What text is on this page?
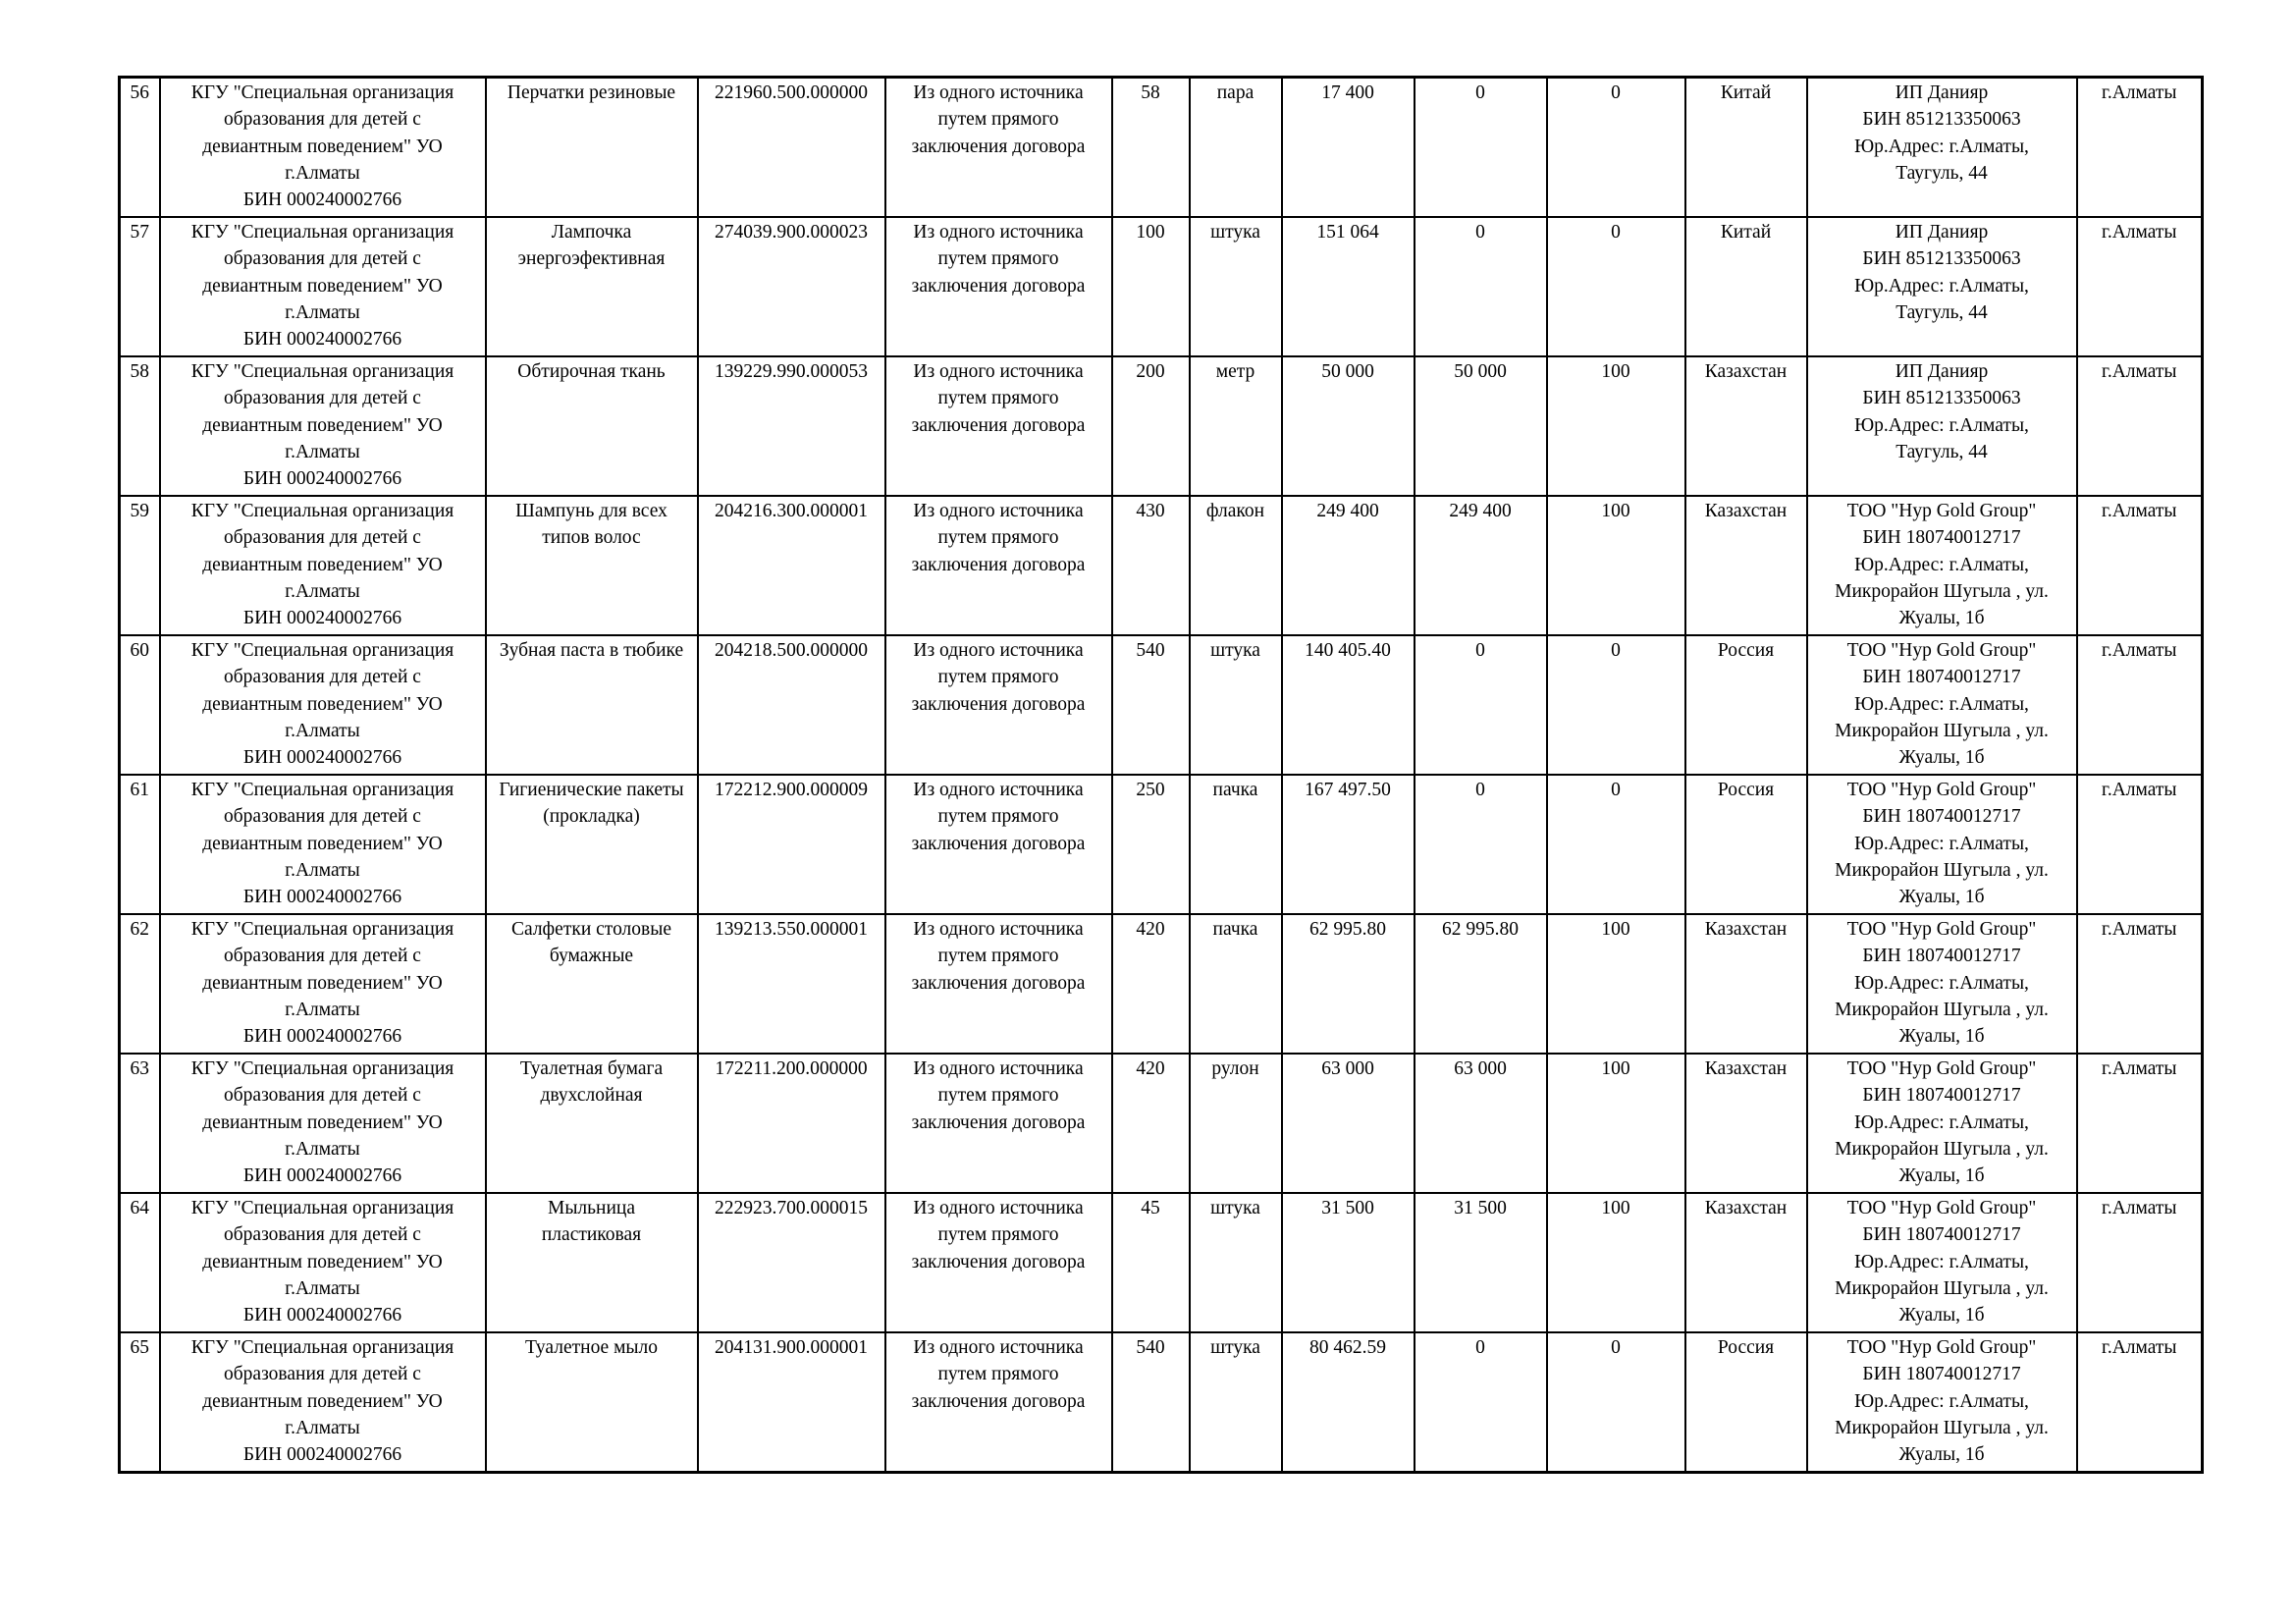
56	КГУ "Специальная организация
образования для детей с
девиантным поведением" УО
г.Алматы
БИН 000240002766	Перчатки резиновые	221960.500.000000	Из одного источника
путем прямого
заключения договора	58	пара	17 400	0	0	Китай	ИП Данияр
БИН 851213350063
Юр.Адрес: г.Алматы,
Таугуль, 44	г.Алматы
57	КГУ "Специальная организация
образования для детей с
девиантным поведением" УО
г.Алматы
БИН 000240002766	Лампочка
энергоэфективная	274039.900.000023	Из одного источника
путем прямого
заключения договора	100	штука	151 064	0	0	Китай	ИП Данияр
БИН 851213350063
Юр.Адрес: г.Алматы,
Таугуль, 44	г.Алматы
58	КГУ "Специальная организация
образования для детей с
девиантным поведением" УО
г.Алматы
БИН 000240002766	Обтирочная ткань	139229.990.000053	Из одного источника
путем прямого
заключения договора	200	метр	50 000	50 000	100	Казахстан	ИП Данияр
БИН 851213350063
Юр.Адрес: г.Алматы,
Таугуль, 44	г.Алматы
59	КГУ "Специальная организация
образования для детей с
девиантным поведением" УО
г.Алматы
БИН 000240002766	Шампунь для всех
типов волос	204216.300.000001	Из одного источника
путем прямого
заключения договора	430	флакон	249 400	249 400	100	Казахстан	ТОО "Нур Gold Group"
БИН 180740012717
Юр.Адрес: г.Алматы,
Микрорайон Шугыла , ул.
Жуалы, 1б	г.Алматы
60	КГУ "Специальная организация
образования для детей с
девиантным поведением" УО
г.Алматы
БИН 000240002766	Зубная паста в тюбике	204218.500.000000	Из одного источника
путем прямого
заключения договора	540	штука	140 405.40	0	0	Россия	ТОО "Нур Gold Group"
БИН 180740012717
Юр.Адрес: г.Алматы,
Микрорайон Шугыла , ул.
Жуалы, 1б	г.Алматы
61	КГУ "Специальная организация
образования для детей с
девиантным поведением" УО
г.Алматы
БИН 000240002766	Гигиенические пакеты
(прокладка)	172212.900.000009	Из одного источника
путем прямого
заключения договора	250	пачка	167 497.50	0	0	Россия	ТОО "Нур Gold Group"
БИН 180740012717
Юр.Адрес: г.Алматы,
Микрорайон Шугыла , ул.
Жуалы, 1б	г.Алматы
62	КГУ "Специальная организация
образования для детей с
девиантным поведением" УО
г.Алматы
БИН 000240002766	Салфетки столовые
бумажные	139213.550.000001	Из одного источника
путем прямого
заключения договора	420	пачка	62 995.80	62 995.80	100	Казахстан	ТОО "Нур Gold Group"
БИН 180740012717
Юр.Адрес: г.Алматы,
Микрорайон Шугыла , ул.
Жуалы, 1б	г.Алматы
63	КГУ "Специальная организация
образования для детей с
девиантным поведением" УО
г.Алматы
БИН 000240002766	Туалетная бумага
двухслойная	172211.200.000000	Из одного источника
путем прямого
заключения договора	420	рулон	63 000	63 000	100	Казахстан	ТОО "Нур Gold Group"
БИН 180740012717
Юр.Адрес: г.Алматы,
Микрорайон Шугыла , ул.
Жуалы, 1б	г.Алматы
64	КГУ "Специальная организация
образования для детей с
девиантным поведением" УО
г.Алматы
БИН 000240002766	Мыльница
пластиковая	222923.700.000015	Из одного источника
путем прямого
заключения договора	45	штука	31 500	31 500	100	Казахстан	ТОО "Нур Gold Group"
БИН 180740012717
Юр.Адрес: г.Алматы,
Микрорайон Шугыла , ул.
Жуалы, 1б	г.Алматы
65	КГУ "Специальная организация
образования для детей с
девиантным поведением" УО
г.Алматы
БИН 000240002766	Туалетное мыло	204131.900.000001	Из одного источника
путем прямого
заключения договора	540	штука	80 462.59	0	0	Россия	ТОО "Нур Gold Group"
БИН 180740012717
Юр.Адрес: г.Алматы,
Микрорайон Шугыла , ул.
Жуалы, 1б	г.Алматы
